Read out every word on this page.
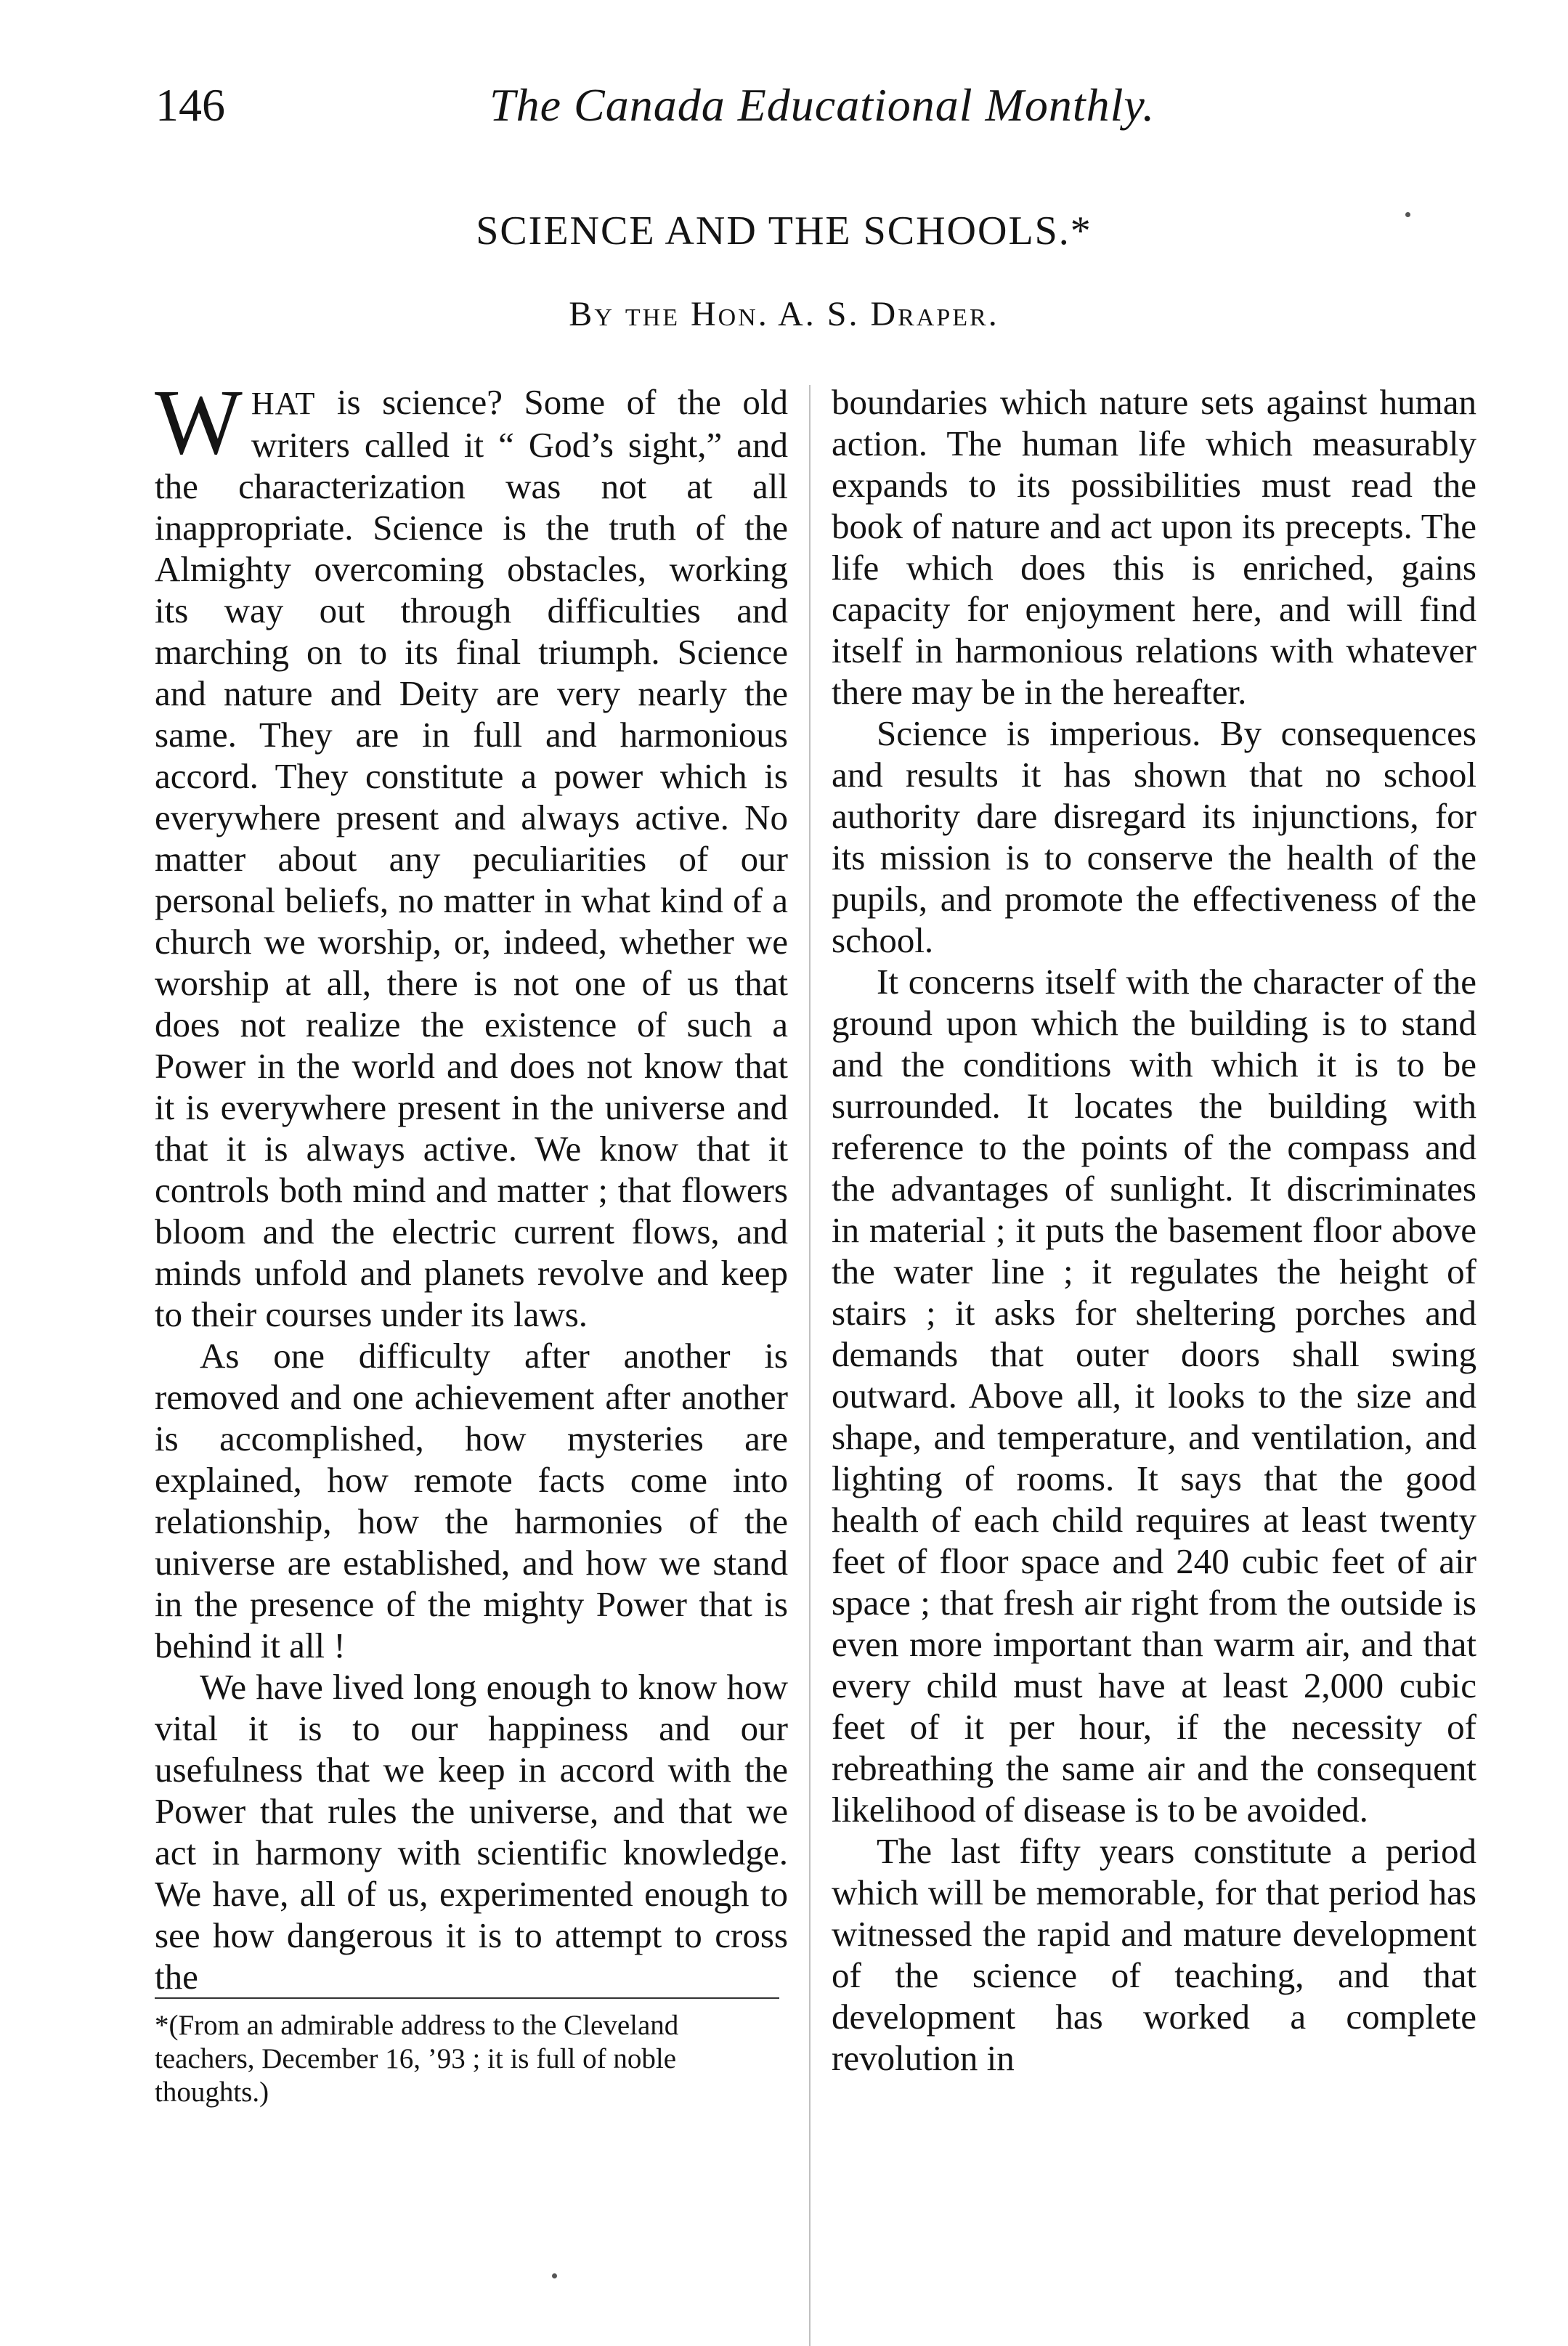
146	The Canada Educational Monthly.
SCIENCE AND THE SCHOOLS.*
By the Hon. A. S. Draper.

WHAT is science? Some of the old writers called it “ God’s sight,” and the characterization was not at all inappropriate. Science is the truth of the Almighty overcoming obstacles, working its way out through difficulties and marching on to its final triumph. Science and nature and Deity are very nearly the same. They are in full and harmonious accord. They constitute a power which is everywhere present and always active. No matter about any peculiarities of our personal beliefs, no matter in what kind of a church we worship, or, indeed, whether we worship at all, there is not one of us that does not realize the existence of such a Power in the world and does not know that it is everywhere present in the universe and that it is always active. We know that it controls both mind and matter ; that flowers bloom and the electric current flows, and minds unfold and planets revolve and keep to their courses under its laws.

As one difficulty after another is removed and one achievement after another is accomplished, how mysteries are explained, how remote facts come into relationship, how the harmonies of the universe are established, and how we stand in the presence of the mighty Power that is behind it all !

We have lived long enough to know how vital it is to our happiness and our usefulness that we keep in accord with the Power that rules the universe, and that we act in harmony with scientific knowledge. We have, all of us, experimented enough to see how dangerous it is to attempt to cross the

*(From an admirable address to the Cleveland teachers, December 16, ’93 ; it is full of noble thoughts.)

boundaries which nature sets against human action. The human life which measurably expands to its possibilities must read the book of nature and act upon its precepts. The life which does this is enriched, gains capacity for enjoyment here, and will find itself in harmonious relations with whatever there may be in the hereafter.

Science is imperious. By consequences and results it has shown that no school authority dare disregard its injunctions, for its mission is to conserve the health of the pupils, and promote the effectiveness of the school.

It concerns itself with the character of the ground upon which the building is to stand and the conditions with which it is to be surrounded. It locates the building with reference to the points of the compass and the advantages of sunlight. It discriminates in material ; it puts the basement floor above the water line ; it regulates the height of stairs ; it asks for sheltering porches and demands that outer doors shall swing outward. Above all, it looks to the size and shape, and temperature, and ventilation, and lighting of rooms. It says that the good health of each child requires at least twenty feet of floor space and 240 cubic feet of air space ; that fresh air right from the outside is even more important than warm air, and that every child must have at least 2,000 cubic feet of it per hour, if the necessity of rebreathing the same air and the consequent likelihood of disease is to be avoided.

The last fifty years constitute a period which will be memorable, for that period has witnessed the rapid and mature development of the science of teaching, and that development has worked a complete revolution in
